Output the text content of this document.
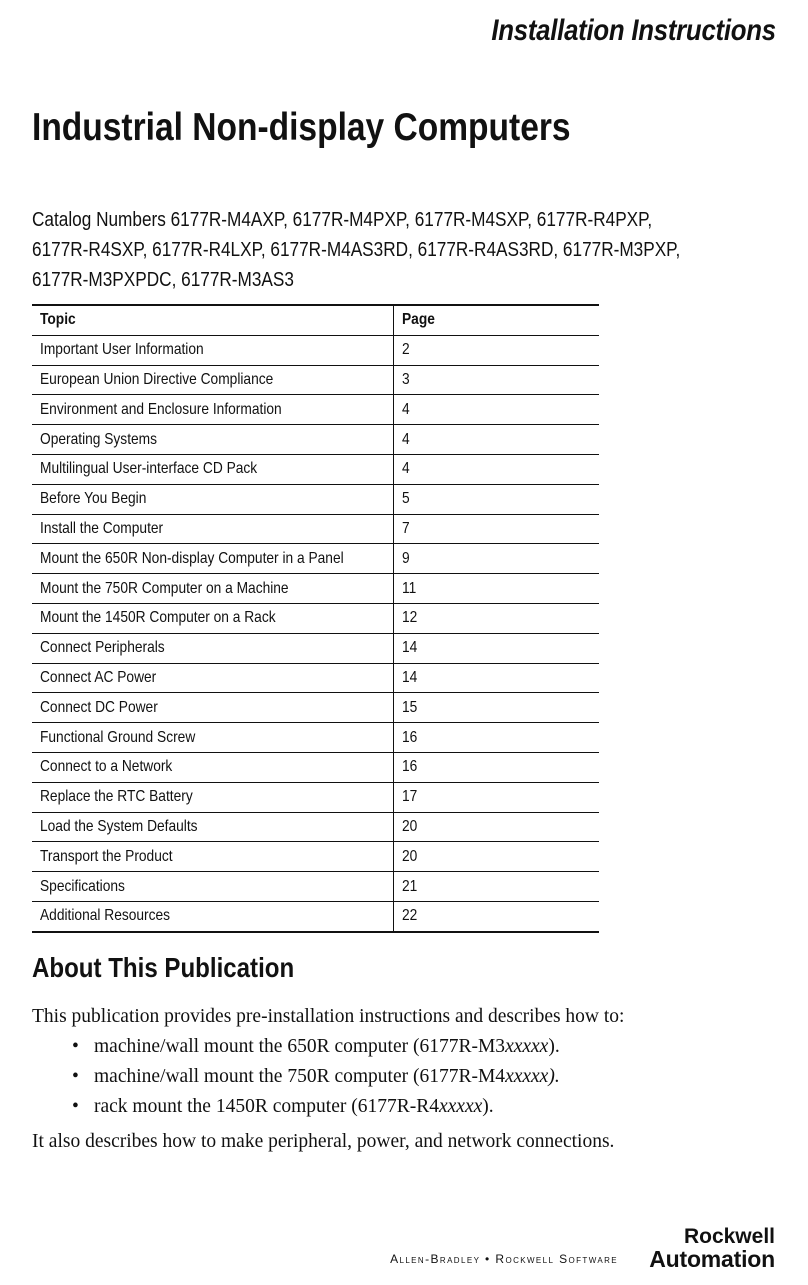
Installation Instructions
Industrial Non-display Computers
Catalog Numbers 6177R-M4AXP, 6177R-M4PXP, 6177R-M4SXP, 6177R-R4PXP,
6177R-R4SXP, 6177R-R4LXP, 6177R-M4AS3RD, 6177R-R4AS3RD, 6177R-M3PXP,
6177R-M3PXPDC, 6177R-M3AS3
Topic	Page
Important User Information	2
European Union Directive Compliance	3
Environment and Enclosure Information	4
Operating Systems	4
Multilingual User-interface CD Pack	4
Before You Begin	5
Install the Computer	7
Mount the 650R Non-display Computer in a Panel	9
Mount the 750R Computer on a Machine	11
Mount the 1450R Computer on a Rack	12
Connect Peripherals	14
Connect AC Power	14
Connect DC Power	15
Functional Ground Screw	16
Connect to a Network	16
Replace the RTC Battery	17
Load the System Defaults	20
Transport the Product	20
Specifications	21
Additional Resources	22
About This Publication

This publication provides pre-installation instructions and describes how to:

• machine/wall mount the 650R computer (6177R-M3xxxxx).
• machine/wall mount the 750R computer (6177R-M4xxxxx).
• rack mount the 1450R computer (6177R-R4xxxxx).

It also describes how to make peripheral, power, and network connections.

Allen-Bradley • Rockwell Software
Rockwell
Automation
